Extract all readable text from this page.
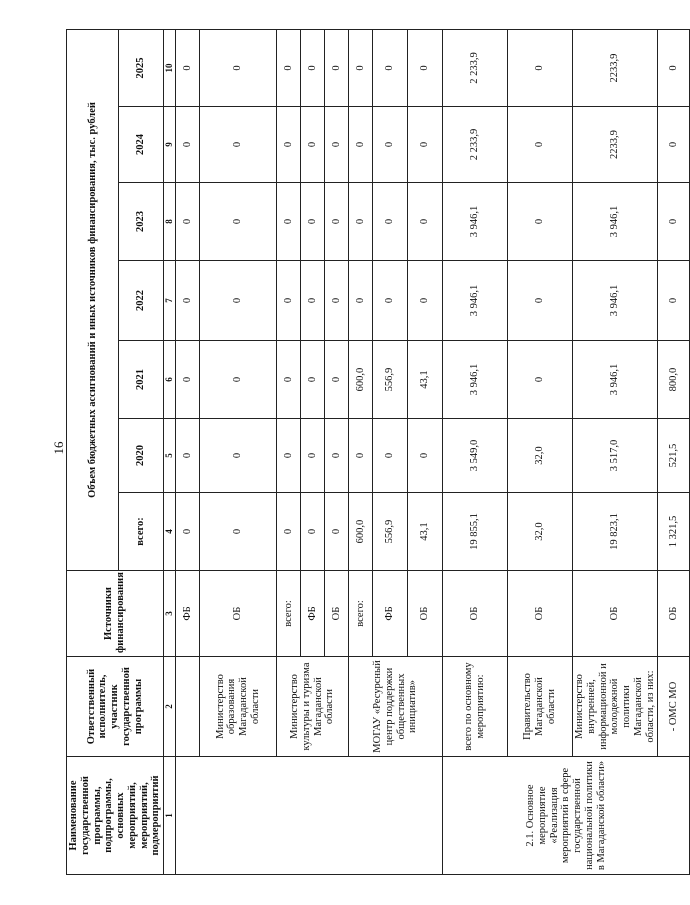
16
Наименование государственной программы, подпрограммы, основных мероприятий, мероприятий, подмероприятий	Ответственный исполнитель, участник государственной программы	Источники финансирования	Объем бюджетных ассигнований и иных источников финансирования, тыс. рублей						
			всего:	2020	2021	2022	2023	2024	2025
1	2	3	4	5	6	7	8	9	10
		ФБ	0	0	0	0	0	0	0
	Министерство образования Магаданской области	ОБ	0	0	0	0	0	0	0
	Министерство культуры и туризма Магаданской области	всего:	0	0	0	0	0	0	0
		ФБ	0	0	0	0	0	0	0
		ОБ	0	0	0	0	0	0	0
	МОГАУ «Ресурсный центр поддержки общественных инициатив»	всего:	600,0	0	600,0	0	0	0	0
		ФБ	556,9	0	556,9	0	0	0	0
		ОБ	43,1	0	43,1	0	0	0	0
2.1. Основное мероприятие «Реализация мероприятий в сфере государственной национальной политики в Магаданской области»	всего по основному мероприятию:	ОБ	19 855,1	3 549,0	3 946,1	3 946,1	3 946,1	2 233,9	2 233,9
	Правительство Магаданской области	ОБ	32,0	32,0	0	0	0	0	0
	Министерство внутренней, информационной и молодежной политики Магаданской области, из них:	ОБ	19 823,1	3 517,0	3 946,1	3 946,1	3 946,1	2233,9	2233,9
	- ОМС МО	ОБ	1 321,5	521,5	800,0	0	0	0	0
